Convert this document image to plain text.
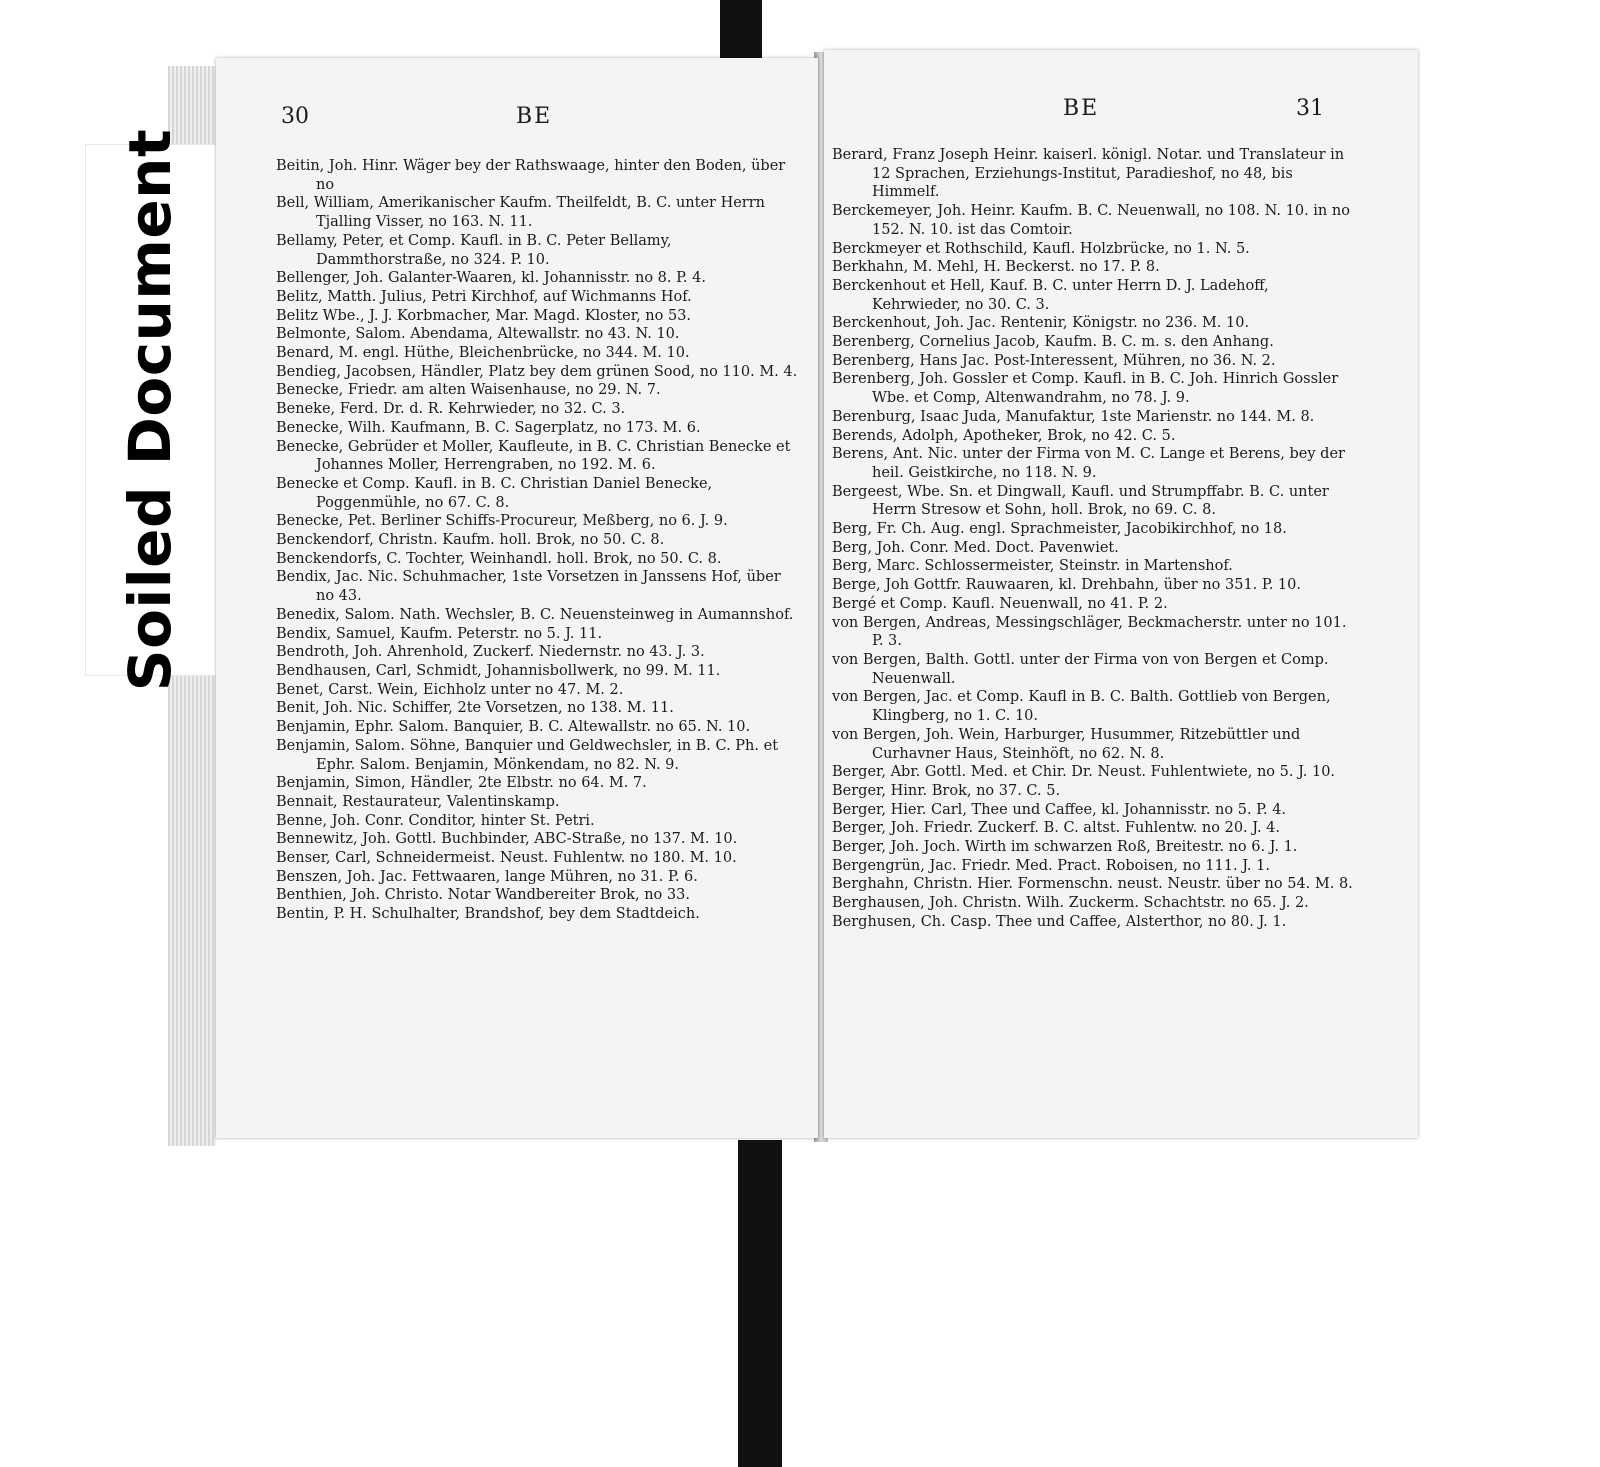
Soiled Document
30	BE	BE	31

Beitin, Joh. Hinr. Wäger bey der Rathswaage, hinter den Boden, über no

Bell, William, Amerikanischer Kaufm. Theilfeldt, B. C. unter Herrn Tjalling Visser, no 163. N. 11.

Bellamy, Peter, et Comp. Kaufl. in B. C. Peter Bellamy, Dammthorstraße, no 324. P. 10.

Bellenger, Joh. Galanter-Waaren, kl. Johannisstr. no 8. P. 4.

Belitz, Matth. Julius, Petri Kirchhof, auf Wichmanns Hof.

Belitz Wbe., J. J. Korbmacher, Mar. Magd. Kloster, no 53.

Belmonte, Salom. Abendama, Altewallstr. no 43. N. 10.

Benard, M. engl. Hüthe, Bleichenbrücke, no 344. M. 10.

Bendieg, Jacobsen, Händler, Platz bey dem grünen Sood, no 110. M. 4.

Benecke, Friedr. am alten Waisenhause, no 29. N. 7.

Beneke, Ferd. Dr. d. R. Kehrwieder, no 32. C. 3.

Benecke, Wilh. Kaufmann, B. C. Sagerplatz, no 173. M. 6.

Benecke, Gebrüder et Moller, Kaufleute, in B. C. Christian Benecke et Johannes Moller, Herrengraben, no 192. M. 6.

Benecke et Comp. Kaufl. in B. C. Christian Daniel Benecke, Poggenmühle, no 67. C. 8.

Benecke, Pet. Berliner Schiffs-Procureur, Meßberg, no 6. J. 9.

Benckendorf, Christn. Kaufm. holl. Brok, no 50. C. 8.

Benckendorfs, C. Tochter, Weinhandl. holl. Brok, no 50. C. 8.

Bendix, Jac. Nic. Schuhmacher, 1ste Vorsetzen in Janssens Hof, über no 43.

Benedix, Salom. Nath. Wechsler, B. C. Neuensteinweg in Aumannshof.

Bendix, Samuel, Kaufm. Peterstr. no 5. J. 11.

Bendroth, Joh. Ahrenhold, Zuckerf. Niedernstr. no 43. J. 3.

Bendhausen, Carl, Schmidt, Johannisbollwerk, no 99. M. 11.

Benet, Carst. Wein, Eichholz unter no 47. M. 2.

Benit, Joh. Nic. Schiffer, 2te Vorsetzen, no 138. M. 11.

Benjamin, Ephr. Salom. Banquier, B. C. Altewallstr. no 65. N. 10.

Benjamin, Salom. Söhne, Banquier und Geldwechsler, in B. C. Ph. et Ephr. Salom. Benjamin, Mönkendam, no 82. N. 9.

Benjamin, Simon, Händler, 2te Elbstr. no 64. M. 7.

Bennait, Restaurateur, Valentinskamp.

Benne, Joh. Conr. Conditor, hinter St. Petri.

Bennewitz, Joh. Gottl. Buchbinder, ABC-Straße, no 137. M. 10.

Benser, Carl, Schneidermeist. Neust. Fuhlentw. no 180. M. 10.

Benszen, Joh. Jac. Fettwaaren, lange Mühren, no 31. P. 6.

Benthien, Joh. Christo. Notar Wandbereiter Brok, no 33.

Bentin, P. H. Schulhalter, Brandshof, bey dem Stadtdeich.

Berard, Franz Joseph Heinr. kaiserl. königl. Notar. und Translateur in 12 Sprachen, Erziehungs-Institut, Paradieshof, no 48, bis Himmelf.

Berckemeyer, Joh. Heinr. Kaufm. B. C. Neuenwall, no 108. N. 10. in no 152. N. 10. ist das Comtoir.

Berckmeyer et Rothschild, Kaufl. Holzbrücke, no 1. N. 5.

Berkhahn, M. Mehl, H. Beckerst. no 17. P. 8.

Berckenhout et Hell, Kauf. B. C. unter Herrn D. J. Ladehoff, Kehrwieder, no 30. C. 3.

Berckenhout, Joh. Jac. Rentenir, Königstr. no 236. M. 10.

Berenberg, Cornelius Jacob, Kaufm. B. C. m. s. den Anhang.

Berenberg, Hans Jac. Post-Interessent, Mühren, no 36. N. 2.

Berenberg, Joh. Gossler et Comp. Kaufl. in B. C. Joh. Hinrich Gossler Wbe. et Comp, Altenwandrahm, no 78. J. 9.

Berenburg, Isaac Juda, Manufaktur, 1ste Marienstr. no 144. M. 8.

Berends, Adolph, Apotheker, Brok, no 42. C. 5.

Berens, Ant. Nic. unter der Firma von M. C. Lange et Berens, bey der heil. Geistkirche, no 118. N. 9.

Bergeest, Wbe. Sn. et Dingwall, Kaufl. und Strumpffabr. B. C. unter Herrn Stresow et Sohn, holl. Brok, no 69. C. 8.

Berg, Fr. Ch. Aug. engl. Sprachmeister, Jacobikirchhof, no 18.

Berg, Joh. Conr. Med. Doct. Pavenwiet.

Berg, Marc. Schlossermeister, Steinstr. in Martenshof.

Berge, Joh Gottfr. Rauwaaren, kl. Drehbahn, über no 351. P. 10.

Bergé et Comp. Kaufl. Neuenwall, no 41. P. 2.

von Bergen, Andreas, Messingschläger, Beckmacherstr. unter no 101. P. 3.

von Bergen, Balth. Gottl. unter der Firma von von Bergen et Comp. Neuenwall.

von Bergen, Jac. et Comp. Kaufl in B. C. Balth. Gottlieb von Bergen, Klingberg, no 1. C. 10.

von Bergen, Joh. Wein, Harburger, Husummer, Ritzebüttler und Curhavner Haus, Steinhöft, no 62. N. 8.

Berger, Abr. Gottl. Med. et Chir. Dr. Neust. Fuhlentwiete, no 5. J. 10.

Berger, Hinr. Brok, no 37. C. 5.

Berger, Hier. Carl, Thee und Caffee, kl. Johannisstr. no 5. P. 4.

Berger, Joh. Friedr. Zuckerf. B. C. altst. Fuhlentw. no 20. J. 4.

Berger, Joh. Joch. Wirth im schwarzen Roß, Breitestr. no 6. J. 1.

Bergengrün, Jac. Friedr. Med. Pract. Roboisen, no 111. J. 1.

Berghahn, Christn. Hier. Formenschn. neust. Neustr. über no 54. M. 8.

Berghausen, Joh. Christn. Wilh. Zuckerm. Schachtstr. no 65. J. 2.

Berghusen, Ch. Casp. Thee und Caffee, Alsterthor, no 80. J. 1.
